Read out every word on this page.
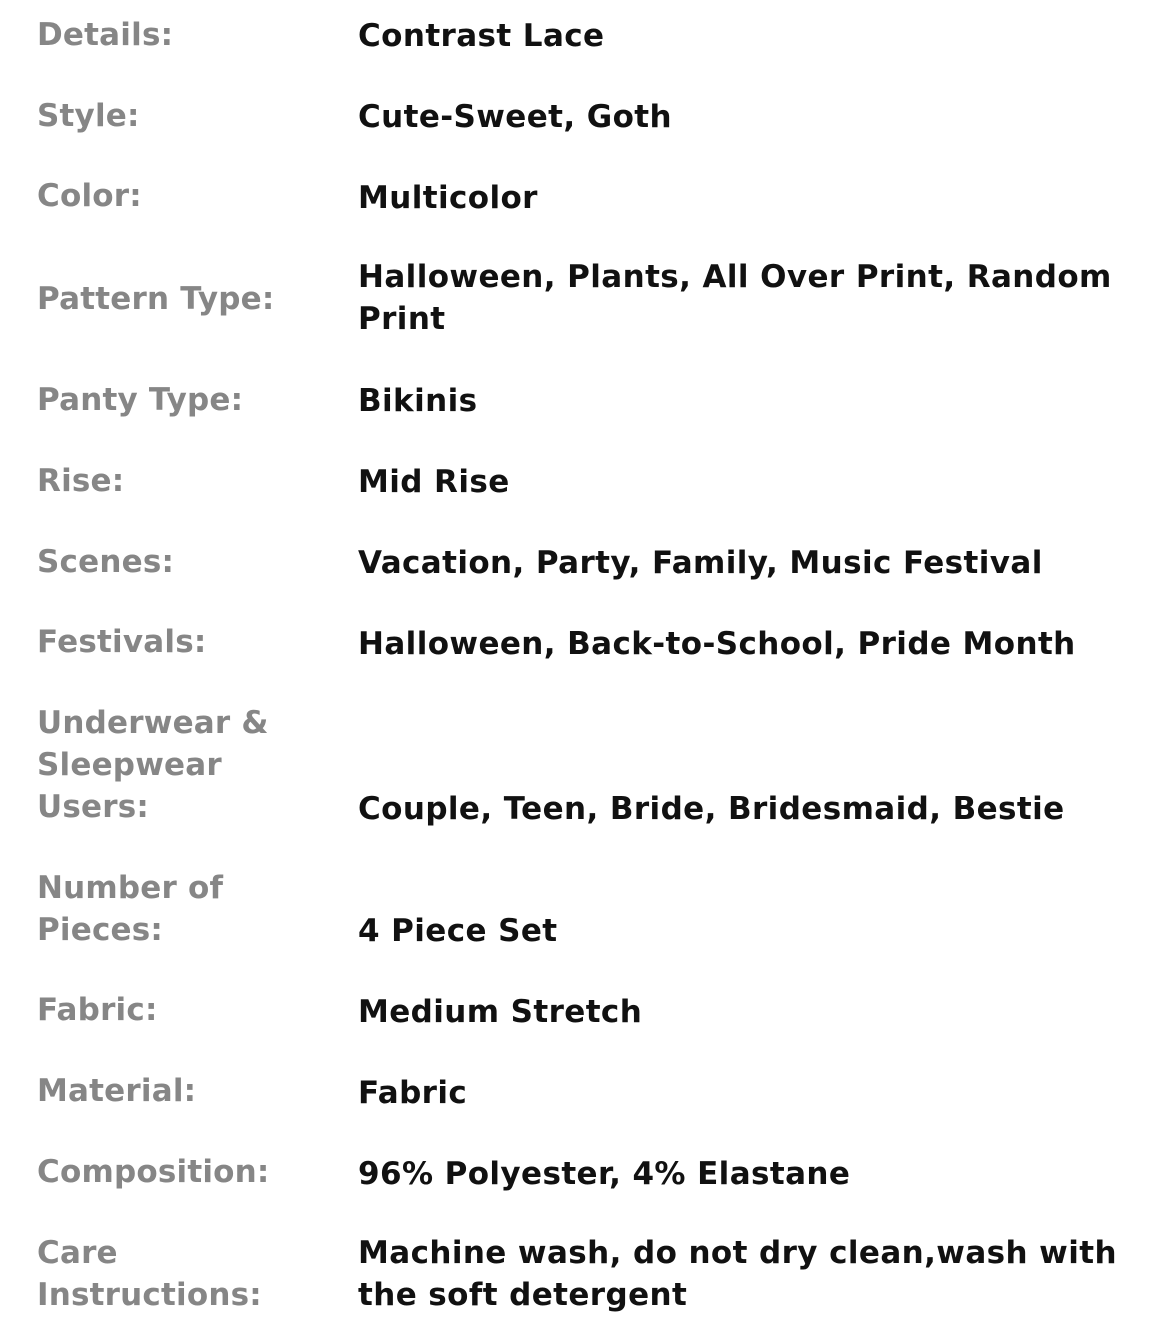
Details:	Contrast Lace
Style:	Cute-Sweet, Goth
Color:	Multicolor
Pattern Type:
Halloween, Plants, All Over Print, Random Print
Panty Type:	Bikinis
Rise:	Mid Rise
Scenes:	Vacation, Party, Family, Music Festival
Festivals:	Halloween, Back-to-School, Pride Month
Underwear & Sleepwear Users:	Couple, Teen, Bride, Bridesmaid, Bestie
Number of Pieces:	4 Piece Set
Fabric:	Medium Stretch
Material:	Fabric
Composition:	96% Polyester, 4% Elastane
Care Instructions:
Machine wash, do not dry clean,wash with the soft detergent
